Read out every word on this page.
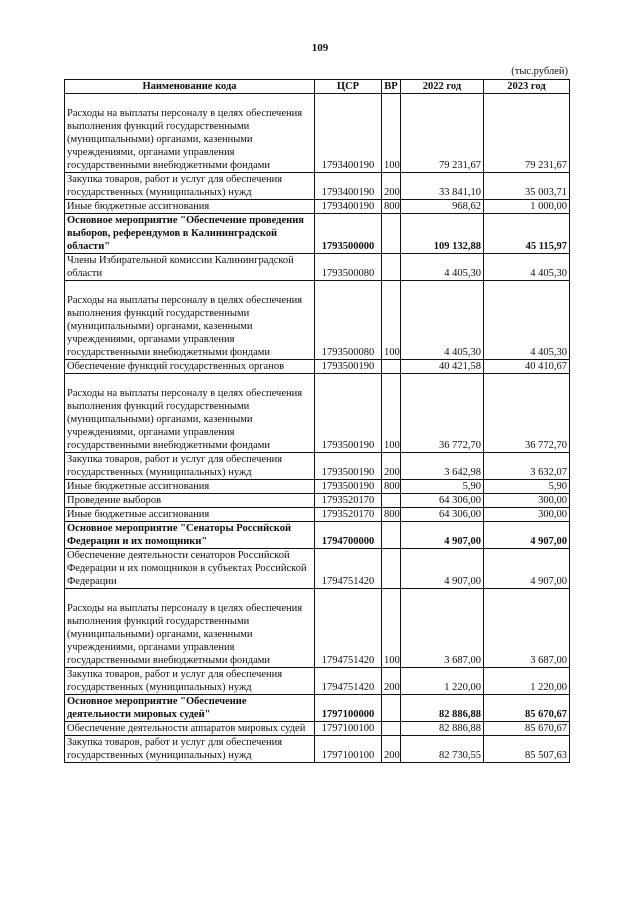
109
(тыс.рублей)
Наименование кода	ЦСР	ВР	2022 год	2023 год

Расходы на выплаты персоналу в целях обеспечения выполнения функций государственными (муниципальными) органами, казенными учреждениями, органами управления государственными внебюджетными фондами	1793400190	100	79 231,67	79 231,67
Закупка товаров, работ и услуг для обеспечения государственных (муниципальных) нужд	1793400190	200	33 841,10	35 003,71
Иные бюджетные ассигнования	1793400190	800	968,62	1 000,00
Основное мероприятие "Обеспечение проведения выборов, референдумов в Калининградской области"	1793500000		109 132,88	45 115,97
Члены Избирательной комиссии Калининградской области	1793500080		4 405,30	4 405,30

Расходы на выплаты персоналу в целях обеспечения выполнения функций государственными (муниципальными) органами, казенными учреждениями, органами управления государственными внебюджетными фондами	1793500080	100	4 405,30	4 405,30
Обеспечение функций государственных органов	1793500190		40 421,58	40 410,67

Расходы на выплаты персоналу в целях обеспечения выполнения функций государственными (муниципальными) органами, казенными учреждениями, органами управления государственными внебюджетными фондами	1793500190	100	36 772,70	36 772,70
Закупка товаров, работ и услуг для обеспечения государственных (муниципальных) нужд	1793500190	200	3 642,98	3 632,07
Иные бюджетные ассигнования	1793500190	800	5,90	5,90
Проведение выборов	1793520170		64 306,00	300,00
Иные бюджетные ассигнования	1793520170	800	64 306,00	300,00
Основное мероприятие "Сенаторы Российской Федерации и их помощники"	1794700000		4 907,00	4 907,00
Обеспечение деятельности сенаторов Российской Федерации и их помощников в субъектах Российской Федерации	1794751420		4 907,00	4 907,00

Расходы на выплаты персоналу в целях обеспечения выполнения функций государственными (муниципальными) органами, казенными учреждениями, органами управления государственными внебюджетными фондами	1794751420	100	3 687,00	3 687,00
Закупка товаров, работ и услуг для обеспечения государственных (муниципальных) нужд	1794751420	200	1 220,00	1 220,00
Основное мероприятие "Обеспечение деятельности мировых судей"	1797100000		82 886,88	85 670,67
Обеспечение деятельности аппаратов мировых судей	1797100100		82 886,88	85 670,67
Закупка товаров, работ и услуг для обеспечения государственных (муниципальных) нужд	1797100100	200	82 730,55	85 507,63
